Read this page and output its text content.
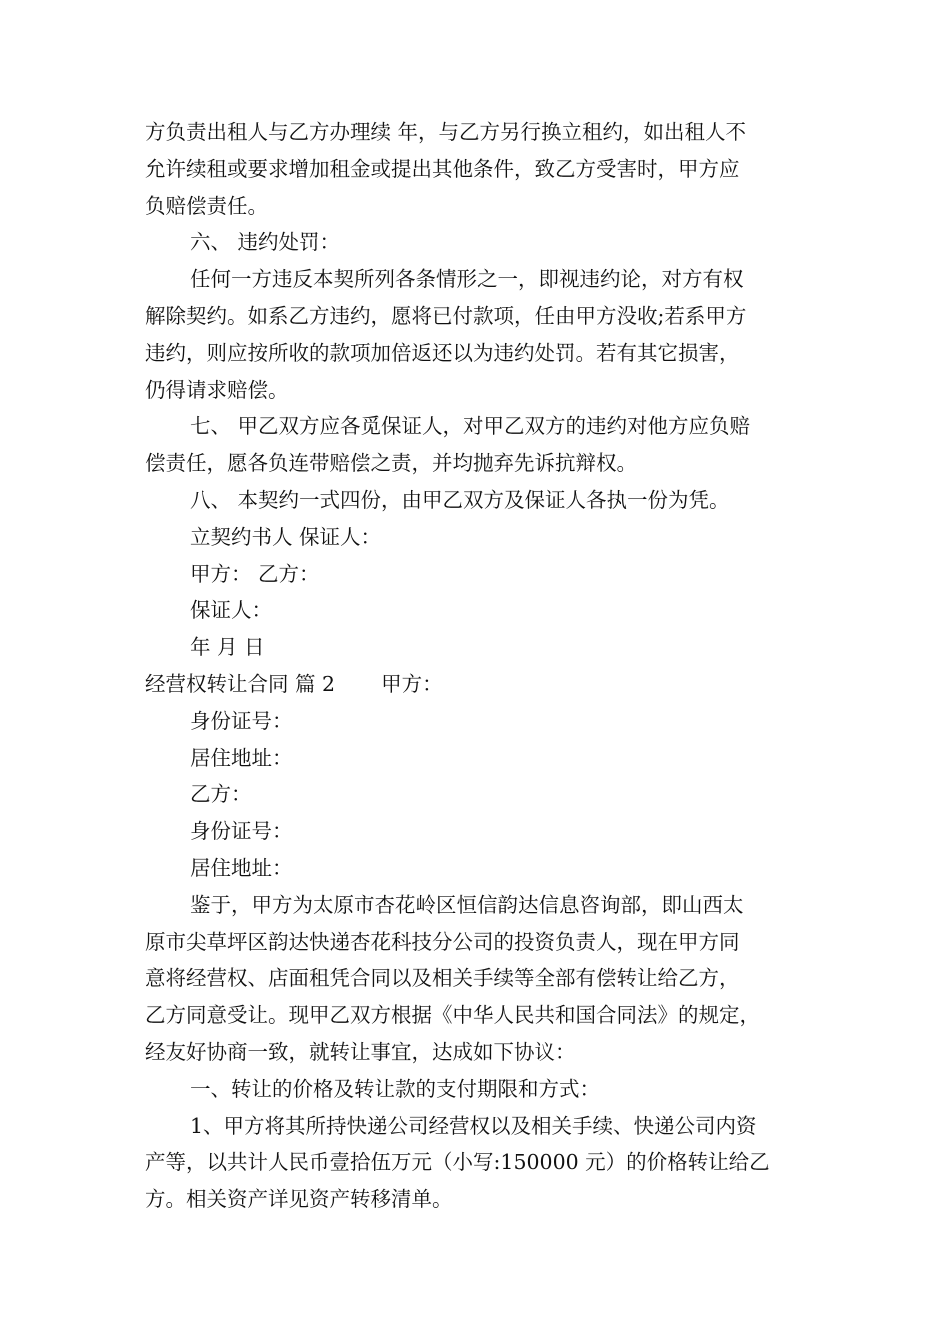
方负责出租人与乙方办理续 年，与乙方另行换立租约，如出租人不
允许续租或要求增加租金或提出其他条件，致乙方受害时，甲方应
负赔偿责任。
六、 违约处罚：
任何一方违反本契所列各条情形之一，即视违约论，对方有权
解除契约。如系乙方违约，愿将已付款项，任由甲方没收;若系甲方
违约，则应按所收的款项加倍返还以为违约处罚。若有其它损害，
仍得请求赔偿。
七、 甲乙双方应各觅保证人，对甲乙双方的违约对他方应负赔
偿责任，愿各负连带赔偿之责，并均抛弃先诉抗辩权。
八、 本契约一式四份，由甲乙双方及保证人各执一份为凭。
立契约书人 保证人：
甲方： 乙方：
保证人：
年 月 日
经营权转让合同 篇 2 甲方：
身份证号：
居住地址：
乙方：
身份证号：
居住地址：
鉴于，甲方为太原市杏花岭区恒信韵达信息咨询部，即山西太
原市尖草坪区韵达快递杏花科技分公司的投资负责人，现在甲方同
意将经营权、店面租凭合同以及相关手续等全部有偿转让给乙方，
乙方同意受让。现甲乙双方根据《中华人民共和国合同法》的规定，
经友好协商一致，就转让事宜，达成如下协议：
一、转让的价格及转让款的支付期限和方式：
1、甲方将其所持快递公司经营权以及相关手续、快递公司内资
产等，以共计人民币壹拾伍万元（小写:150000 元）的价格转让给乙
方。相关资产详见资产转移清单。
